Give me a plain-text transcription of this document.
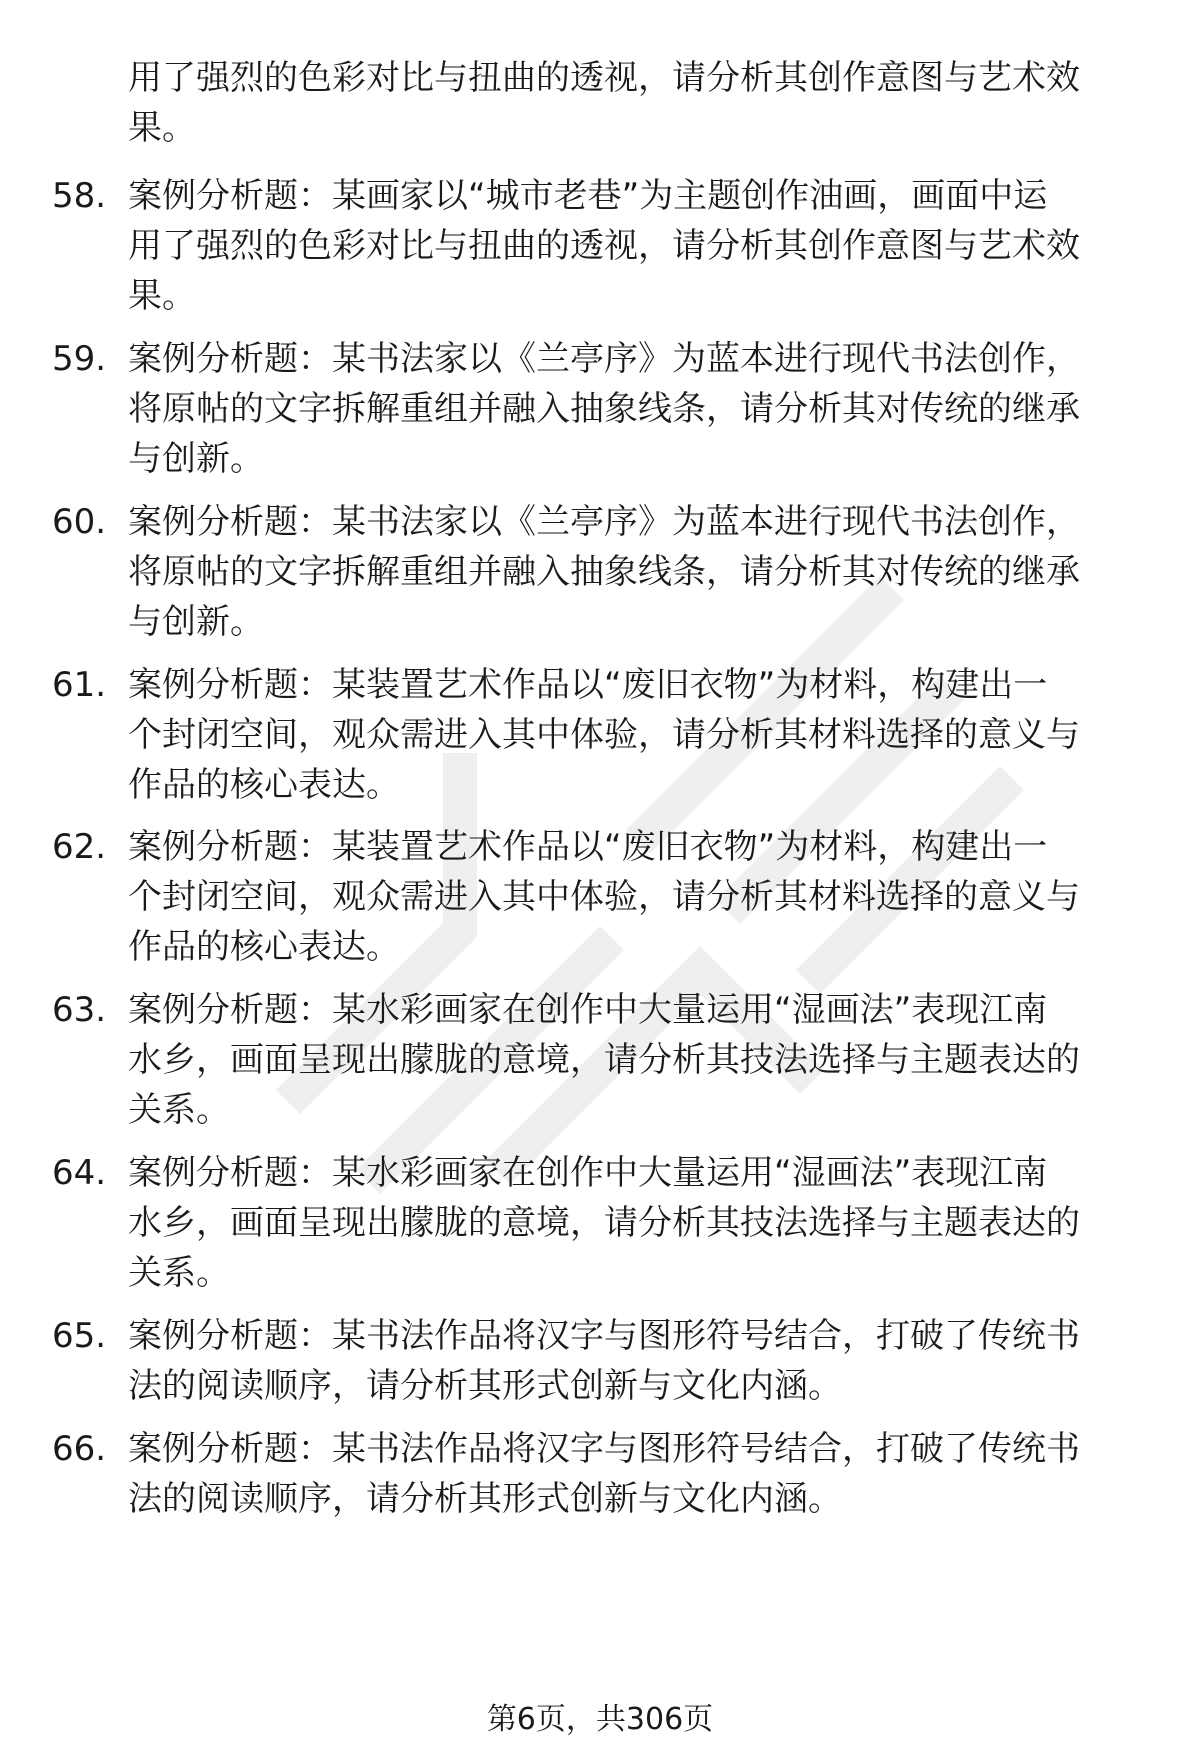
用了强烈的色彩对比与扭曲的透视，请分析其创作意图与艺术效
果。
58. 案例分析题：某画家以“城市老巷”为主题创作油画，画面中运
用了强烈的色彩对比与扭曲的透视，请分析其创作意图与艺术效
果。
59. 案例分析题：某书法家以《兰亭序》为蓝本进行现代书法创作，
将原帖的文字拆解重组并融入抽象线条，请分析其对传统的继承
与创新。
60. 案例分析题：某书法家以《兰亭序》为蓝本进行现代书法创作，
将原帖的文字拆解重组并融入抽象线条，请分析其对传统的继承
与创新。
61. 案例分析题：某装置艺术作品以“废旧衣物”为材料，构建出一
个封闭空间，观众需进入其中体验，请分析其材料选择的意义与
作品的核心表达。
62. 案例分析题：某装置艺术作品以“废旧衣物”为材料，构建出一
个封闭空间，观众需进入其中体验，请分析其材料选择的意义与
作品的核心表达。
63. 案例分析题：某水彩画家在创作中大量运用“湿画法”表现江南
水乡，画面呈现出朦胧的意境，请分析其技法选择与主题表达的
关系。
64. 案例分析题：某水彩画家在创作中大量运用“湿画法”表现江南
水乡，画面呈现出朦胧的意境，请分析其技法选择与主题表达的
关系。
65. 案例分析题：某书法作品将汉字与图形符号结合，打破了传统书
法的阅读顺序，请分析其形式创新与文化内涵。
66. 案例分析题：某书法作品将汉字与图形符号结合，打破了传统书
法的阅读顺序，请分析其形式创新与文化内涵。
第6页，共306页
